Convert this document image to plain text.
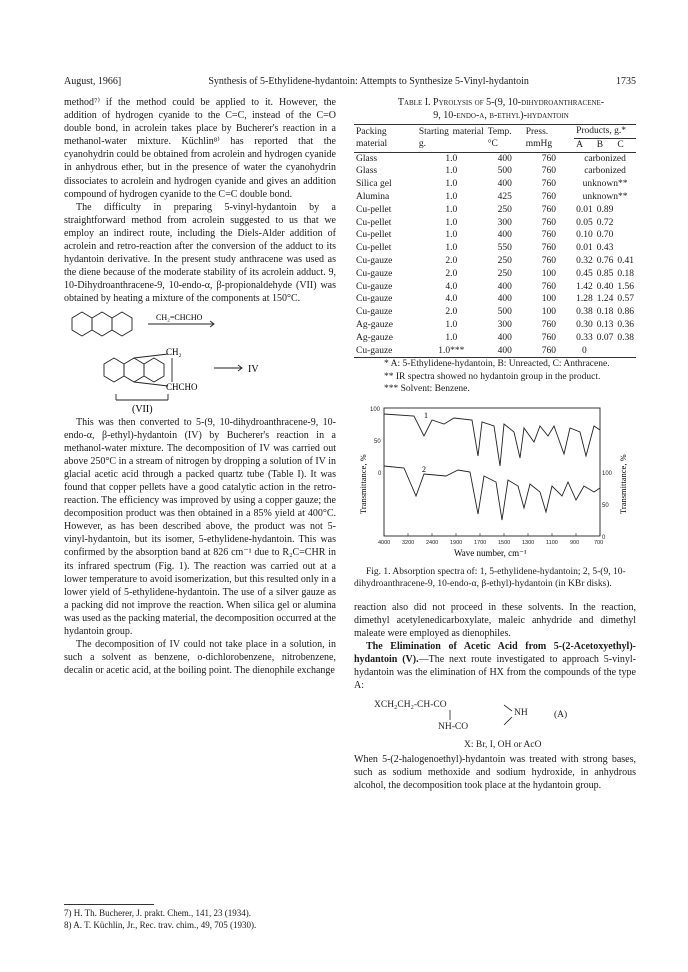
August, 1966]	Synthesis of 5-Ethylidene-hydantoin: Attempts to Synthesize 5-Vinyl-hydantoin	1735

method⁷⁾ if the method could be applied to it. However, the addition of hydrogen cyanide to the C=C, instead of the C=O double bond, in acrolein takes place by Bucherer's reaction in a methanol-water mixture. Küchlin⁸⁾ has reported that the cyanohydrin could be obtained from acrolein and hydrogen cyanide in anhydrous ether, but in the presence of water the cyanohydrin dissociates to acrolein and hydrogen cyanide and gives an addition compound of hydrogen cyanide to the C=C double bond.

The difficulty in preparing 5-vinyl-hydantoin by a straightforward method from acrolein suggested to us that we employ an indirect route, including the Diels-Alder addition of acrolein and retro-reaction after the conversion of the adduct to its hydantoin derivative. In the present study anthracene was used as the diene because of the moderate stability of its acrolein adduct. 9, 10-Dihydroanthracene-9, 10-endo-α, β-propionaldehyde (VII) was obtained by heating a mixture of the components at 150°C.

CH₂=CHCHO
CH₂
CHCHO
IV
(VII)

This was then converted to 5-(9, 10-dihydroanthracene-9, 10-endo-α, β-ethyl)-hydantoin (IV) by Bucherer's reaction in a methanol-water mixture. The decomposition of IV was carried out above 250°C in a stream of nitrogen by dropping a solution of IV in glacial acetic acid through a packed quartz tube (Table I). It was found that copper pellets have a good catalytic action in the retro-reaction. The efficiency was improved by using a copper gauze; the decomposition product was then obtained in a 85% yield at 400°C. However, as has been described above, the product was not 5-vinyl-hydantoin, but its isomer, 5-ethylidene-hydantoin. This was confirmed by the absorption band at 826 cm⁻¹ due to R₂C=CHR in its infrared spectrum (Fig. 1). The reaction was carried out at a lower temperature to avoid isomerization, but this resulted only in a lower yield of 5-ethylidene-hydantoin. The use of a silver gauze as a packing did not improve the reaction. When silica gel or alumina was used as the packing material, the decomposition occurred at the hydantoin group.

The decomposition of IV could not take place in a solution, in such a solvent as benzene, o-dichlorobenzene, nitrobenzene, decalin or acetic acid, at the boiling point. The dienophile exchange

7) H. Th. Bucherer, J. prakt. Chem., 141, 23 (1934).
8) A. T. Küchlin, Jr., Rec. trav. chim., 49, 705 (1930).

Table I. Pyrolysis of 5-(9, 10-dihydroanthracene-

9, 10-endo-α, β-ethyl)-hydantoin

Packing material	Starting material g.	Temp. °C	Press. mmHg	Products, g.*		
				A	B	C
Glass	1.0	400	760	carbonized		
Glass	1.0	500	760	carbonized		
Silica gel	1.0	400	760	unknown**		
Alumina	1.0	425	760	unknown**		
Cu-pellet	1.0	250	760	0.01	0.89	
Cu-pellet	1.0	300	760	0.05	0.72	
Cu-pellet	1.0	400	760	0.10	0.70	
Cu-pellet	1.0	550	760	0.01	0.43	
Cu-gauze	2.0	250	760	0.32	0.76	0.41
Cu-gauze	2.0	250	100	0.45	0.85	0.18
Cu-gauze	4.0	400	760	1.42	0.40	1.56
Cu-gauze	4.0	400	100	1.28	1.24	0.57
Cu-gauze	2.0	500	100	0.38	0.18	0.86
Ag-gauze	1.0	300	760	0.30	0.13	0.36
Ag-gauze	1.0	400	760	0.33	0.07	0.38
Cu-gauze	1.0***	400	760	0		

* A: 5-Ethylidene-hydantoin, B: Unreacted, C: Anthracene.

** IR spectra showed no hydantoin group in the product.

*** Solvent: Benzene.

1
2
100
50
0	100
50
0
4000 3200 2400 1900 1700 1500 1300 1100 900	700
Transmittance, %	Transmittance, %
Wave number, cm⁻¹

Fig. 1. Absorption spectra of: 1, 5-ethylidene-hydantoin; 2, 5-(9, 10-dihydroanthracene-9, 10-endo-α, β-ethyl)-hydantoin (in KBr disks).

reaction also did not proceed in these solvents. In the reaction, dimethyl acetylenedicarboxylate, maleic anhydride and dimethyl maleate were employed as dienophiles.

The Elimination of Acetic Acid from 5-(2-Acetoxyethyl)-hydantoin (V).—The next route investigated to approach 5-vinyl-hydantoin was the elimination of HX from the compounds of the type A:

XCH₂CH₂-CH-CO
NH
NH-CO
(A)
X: Br, I, OH or AcO

When 5-(2-halogenoethyl)-hydantoin was treated with strong bases, such as sodium methoxide and sodium hydroxide, in anhydrous alcohol, the decomposition took place at the hydantoin group.
